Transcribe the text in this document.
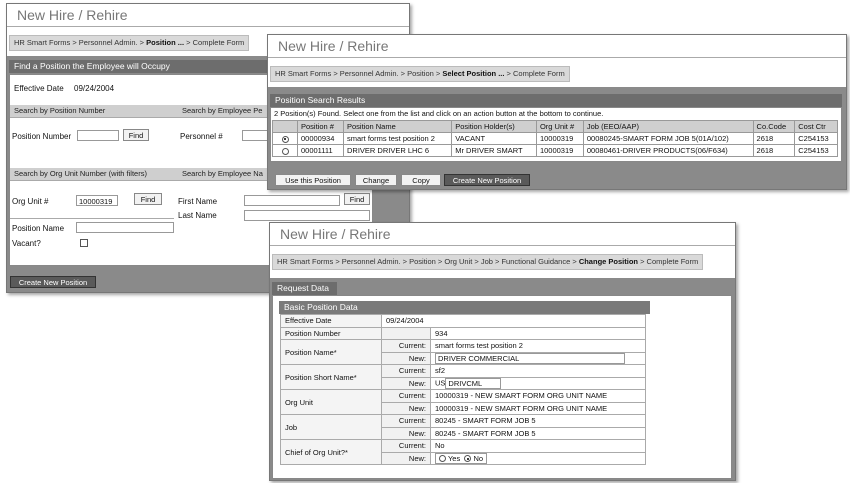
New Hire / Rehire
HR Smart Forms > Personnel Admin. > Position ... > Complete Form
Find a Position the Employee will Occupy
Effective Date 09/24/2004
Search by Position Number	Search by Employee Pe
Position Number	Find	Personnel #
Search by Org Unit Number (with filters)	Search by Employee Na
Org Unit #	10000319	Find	First Name	Find
Last Name
Position Name
Vacant?
Create New Position
New Hire / Rehire
HR Smart Forms > Personnel Admin. > Position > Select Position ... > Complete Form
Position Search Results
2 Position(s) Found. Select one from the list and click on an action button at the bottom to continue.
	Position #	Position Name	Position Holder(s)	Org Unit #	Job (EEO/AAP)	Co.Code	Cost Ctr
	00000934	smart forms test position 2	VACANT	10000319	00080245-SMART FORM JOB 5(01A/102)	2618	C254153
	00001111	DRIVER DRIVER LHC 6	Mr DRIVER SMART	10000319	00080461-DRIVER PRODUCTS(06/F634)	2618	C254153
Use this Position	Change	Copy	Create New Position
New Hire / Rehire
HR Smart Forms > Personnel Admin. > Position > Org Unit > Job > Functional Guidance > Change Position > Complete Form
Request Data
Basic Position Data
Effective Date	09/24/2004	
Position Number		934
Position Name*	Current:	smart forms test position 2
	New:	DRIVER COMMERCIAL
Position Short Name*	Current:	sf2
	New:	US DRIVCML
Org Unit	Current:	10000319 - NEW SMART FORM ORG UNIT NAME
	New:	10000319 - NEW SMART FORM ORG UNIT NAME
Job	Current:	80245 - SMART FORM JOB 5
	New:	80245 - SMART FORM JOB 5
Chief of Org Unit?*	Current:	No
	New:	Yes No
